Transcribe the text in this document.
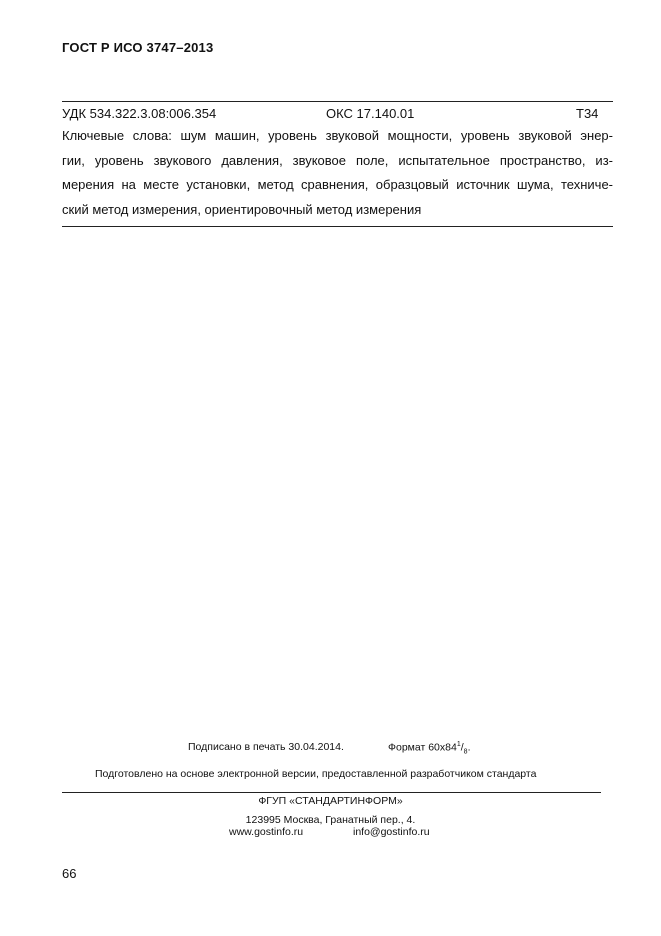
ГОСТ Р ИСО 3747–2013
УДК 534.322.3.08:006.354	ОКС 17.140.01	Т34
Ключевые слова: шум машин, уровень звуковой мощности, уровень звуковой энер-
гии, уровень звукового давления, звуковое поле, испытательное пространство, из-
мерения на месте установки, метод сравнения, образцовый источник шума, техниче-
ский метод измерения, ориентировочный метод измерения
Подписано в печать 30.04.2014.	Формат $60x84^1/_8$.
Подготовлено на основе электронной версии, предоставленной разработчиком стандарта
ФГУП «СТАНДАРТИНФОРМ»
123995 Москва, Гранатный пер., 4.
www.gostinfo.ru	info@gostinfo.ru
66
